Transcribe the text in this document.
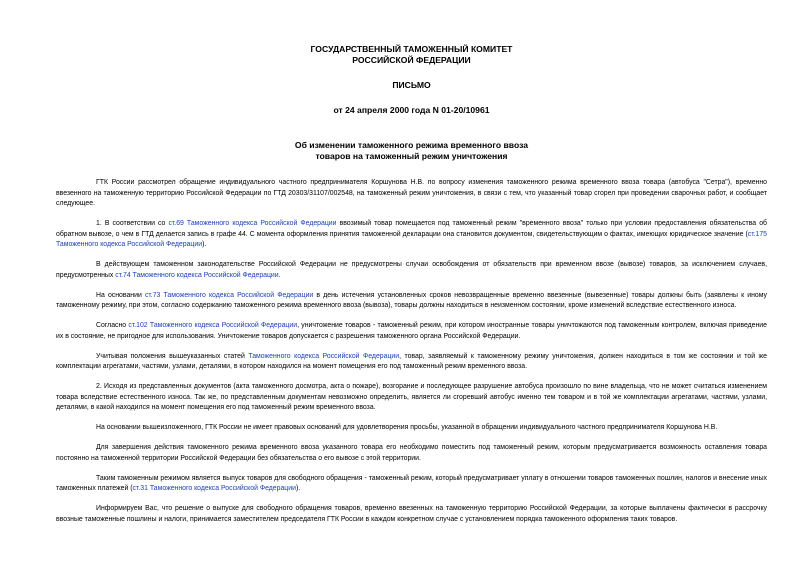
ГОСУДАРСТВЕННЫЙ ТАМОЖЕННЫЙ КОМИТЕТ
РОССИЙСКОЙ ФЕДЕРАЦИИ
ПИСЬМО
от 24 апреля 2000 года N 01-20/10961
Об изменении таможенного режима временного ввоза
товаров на таможенный режим уничтожения

ГТК России рассмотрел обращение индивидуального частного предпринимателя Коршунова Н.В. по вопросу изменения таможенного режима временного ввоза товара (автобуса "Сетра"), временно ввезенного на таможенную территорию Российской Федерации по ГТД 20303/31107/002548, на таможенный режим уничтожения, в связи с тем, что указанный товар сгорел при проведении сварочных работ, и сообщает следующее.

1. В соответствии со ст.69 Таможенного кодекса Российской Федерации ввозимый товар помещается под таможенный режим "временного ввоза" только при условии предоставления обязательства об обратном вывозе, о чем в ГТД делается запись в графе 44. С момента оформления принятия таможенной декларации она становится документом, свидетельствующим о фактах, имеющих юридическое значение (ст.175 Таможенного кодекса Российской Федерации).

В действующем таможенном законодательстве Российской Федерации не предусмотрены случаи освобождения от обязательств при временном ввозе (вывозе) товаров, за исключением случаев, предусмотренных ст.74 Таможенного кодекса Российской Федерации.

На основании ст.73 Таможенного кодекса Российской Федерации в день истечения установленных сроков невозвращенные временно ввезенные (вывезенные) товары должны быть (заявлены к иному таможенному режиму, при этом, согласно содержанию таможенного режима временного ввоза (вывоза), товары должны находиться в неизменном состоянии, кроме изменений вследствие естественного износа.

Согласно ст.102 Таможенного кодекса Российской Федерации, уничтожение товаров - таможенный режим, при котором иностранные товары уничтожаются под таможенным контролем, включая приведение их в состояние, не пригодное для использования. Уничтожение товаров допускается с разрешения таможенного органа Российской Федерации.

Учитывая положения вышеуказанных статей Таможенного кодекса Российской Федерации, товар, заявляемый к таможенному режиму уничтожения, должен находиться в том же состоянии и той же комплектации агрегатами, частями, узлами, деталями, в котором находился на момент помещения его под таможенный режим временного ввоза.

2. Исходя из представленных документов (акта таможенного досмотра, акта о пожаре), возгорание и последующее разрушение автобуса произошло по вине владельца, что не может считаться изменением товара вследствие естественного износа. Так же, по представленным документам невозможно определить, является ли сгоревший автобус именно тем товаром и в той же комплектации агрегатами, частями, узлами, деталями, в какой находился на момент помещения его под таможенный режим временного ввоза.

На основании вышеизложенного, ГТК России не имеет правовых оснований для удовлетворения просьбы, указанной в обращении индивидуального частного предпринимателя Коршунова Н.В.

Для завершения действия таможенного режима временного ввоза указанного товара его необходимо поместить под таможенный режим, которым предусматривается возможность оставления товара постоянно на таможенной территории Российской Федерации без обязательства о его вывозе с этой территории.

Таким таможенным режимом является выпуск товаров для свободного обращения - таможенный режим, который предусматривает уплату в отношении товаров таможенных пошлин, налогов и внесение иных таможенных платежей (ст.31 Таможенного кодекса Российской Федерации).

Информируем Вас, что решение о выпуске для свободного обращения товаров, временно ввезенных на таможенную территорию Российской Федерации, за которые выплачены фактически в рассрочку ввозные таможенные пошлины и налоги, принимается заместителем председателя ГТК России в каждом конкретном случае с установлением порядка таможенного оформления таких товаров.
